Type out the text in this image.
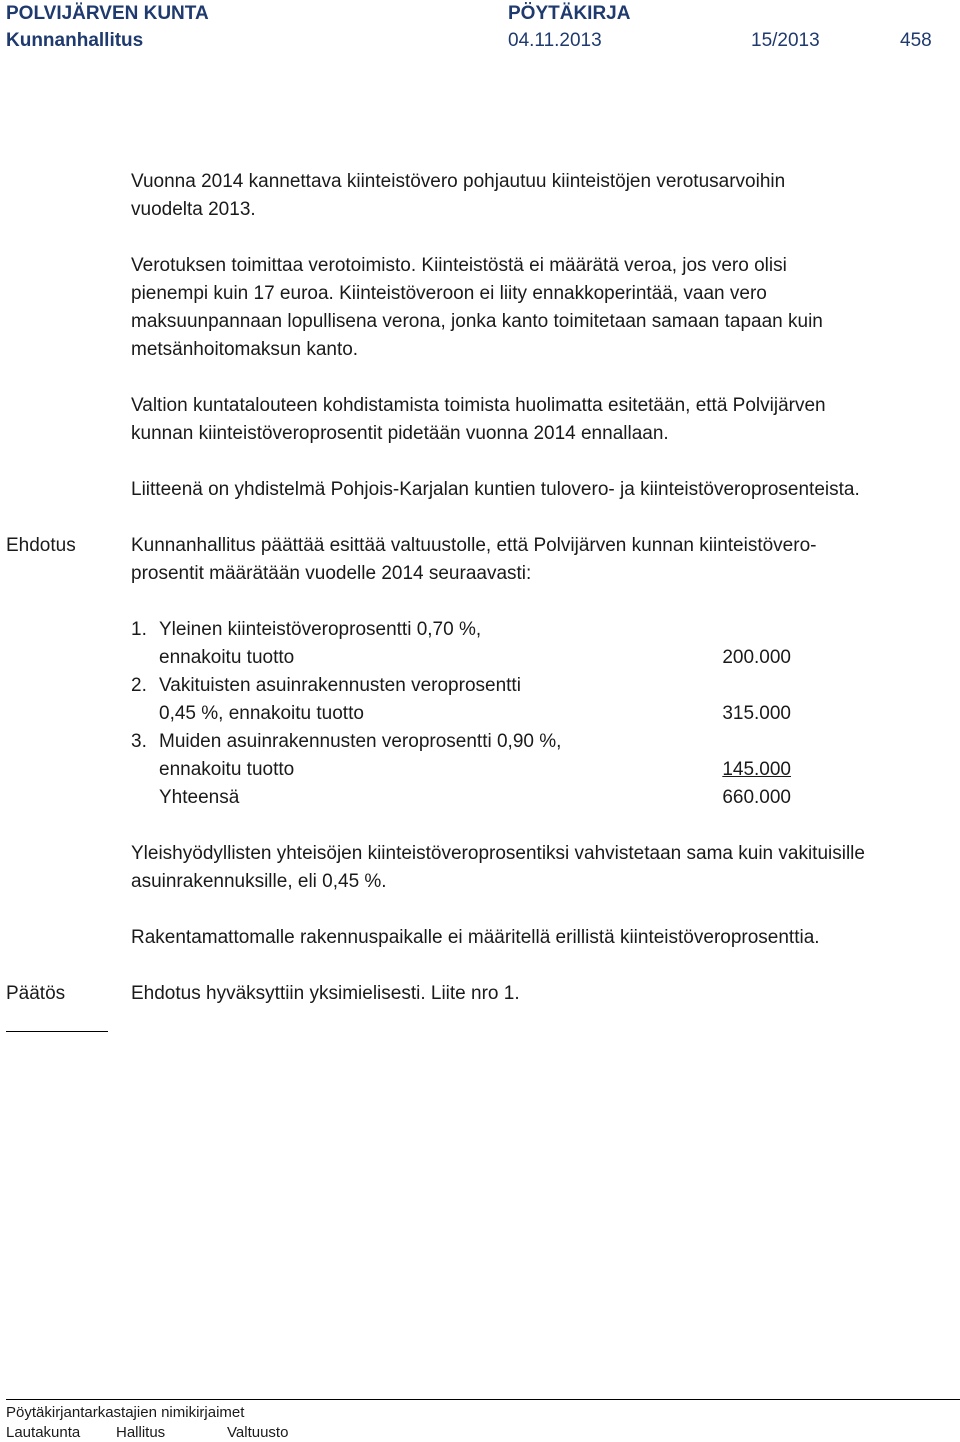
POLVIJÄRVEN KUNTA	PÖYTÄKIRJA
Kunnanhallitus	04.11.2013	15/2013	458
Vuonna 2014 kannettava kiinteistövero pohjautuu kiinteistöjen verotusarvoihin
vuodelta 2013.
Verotuksen toimittaa verotoimisto. Kiinteistöstä ei määrätä veroa, jos vero olisi
pienempi kuin 17 euroa. Kiinteistöveroon ei liity ennakkoperintää, vaan vero
maksuunpannaan lopullisena verona, jonka kanto toimitetaan samaan tapaan kuin
metsänhoitomaksun kanto.
Valtion kuntatalouteen kohdistamista toimista huolimatta esitetään, että Polvijärven
kunnan kiinteistöveroprosentit pidetään vuonna 2014 ennallaan.
Liitteenä on yhdistelmä Pohjois-Karjalan kuntien tulovero- ja kiinteistöveroprosenteista.
Ehdotus	Kunnanhallitus päättää esittää valtuustolle, että Polvijärven kunnan kiinteistövero-
prosentit määrätään vuodelle 2014 seuraavasti:
1. Yleinen kiinteistöveroprosentti 0,70 %,
ennakoitu tuotto	200.000
2. Vakituisten asuinrakennusten veroprosentti
0,45 %, ennakoitu tuotto	315.000
3. Muiden asuinrakennusten veroprosentti 0,90 %,
ennakoitu tuotto	145.000
Yhteensä	660.000
Yleishyödyllisten yhteisöjen kiinteistöveroprosentiksi vahvistetaan sama kuin vakituisille
asuinrakennuksille, eli 0,45 %.
Rakentamattomalle rakennuspaikalle ei määritellä erillistä kiinteistöveroprosenttia.
Päätös	Ehdotus hyväksyttiin yksimielisesti. Liite nro 1.
Pöytäkirjantarkastajien nimikirjaimet
Lautakunta Hallitus	Valtuusto
